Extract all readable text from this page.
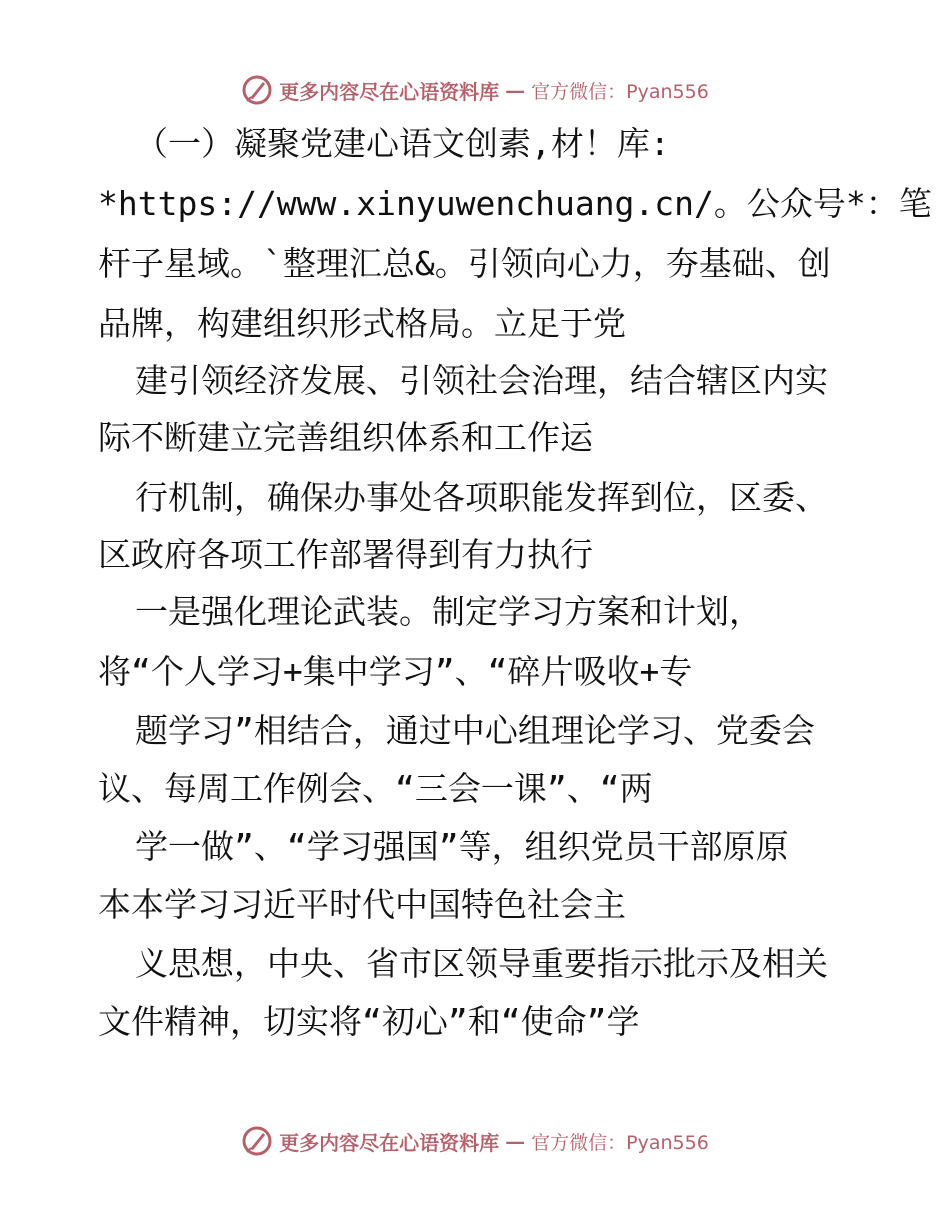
更多内容尽在心语资料库 — 官方微信：Pyan556
（一）凝聚党建心语文创素,材！库:
*https://www.xinyuwenchuang.cn/。公众号*：笔
杆子星域。`整理汇总&。引领向心力，夯基础、创
品牌，构建组织形式格局。立足于党
建引领经济发展、引领社会治理，结合辖区内实
际不断建立完善组织体系和工作运
行机制，确保办事处各项职能发挥到位，区委、
区政府各项工作部署得到有力执行
一是强化理论武装。制定学习方案和计划，
将“个人学习+集中学习”、“碎片吸收+专
题学习”相结合，通过中心组理论学习、党委会
议、每周工作例会、“三会一课”、“两
学一做”、“学习强国”等，组织党员干部原原
本本学习习近平时代中国特色社会主
义思想，中央、省市区领导重要指示批示及相关
文件精神，切实将“初心”和“使命”学
更多内容尽在心语资料库 — 官方微信：Pyan556
